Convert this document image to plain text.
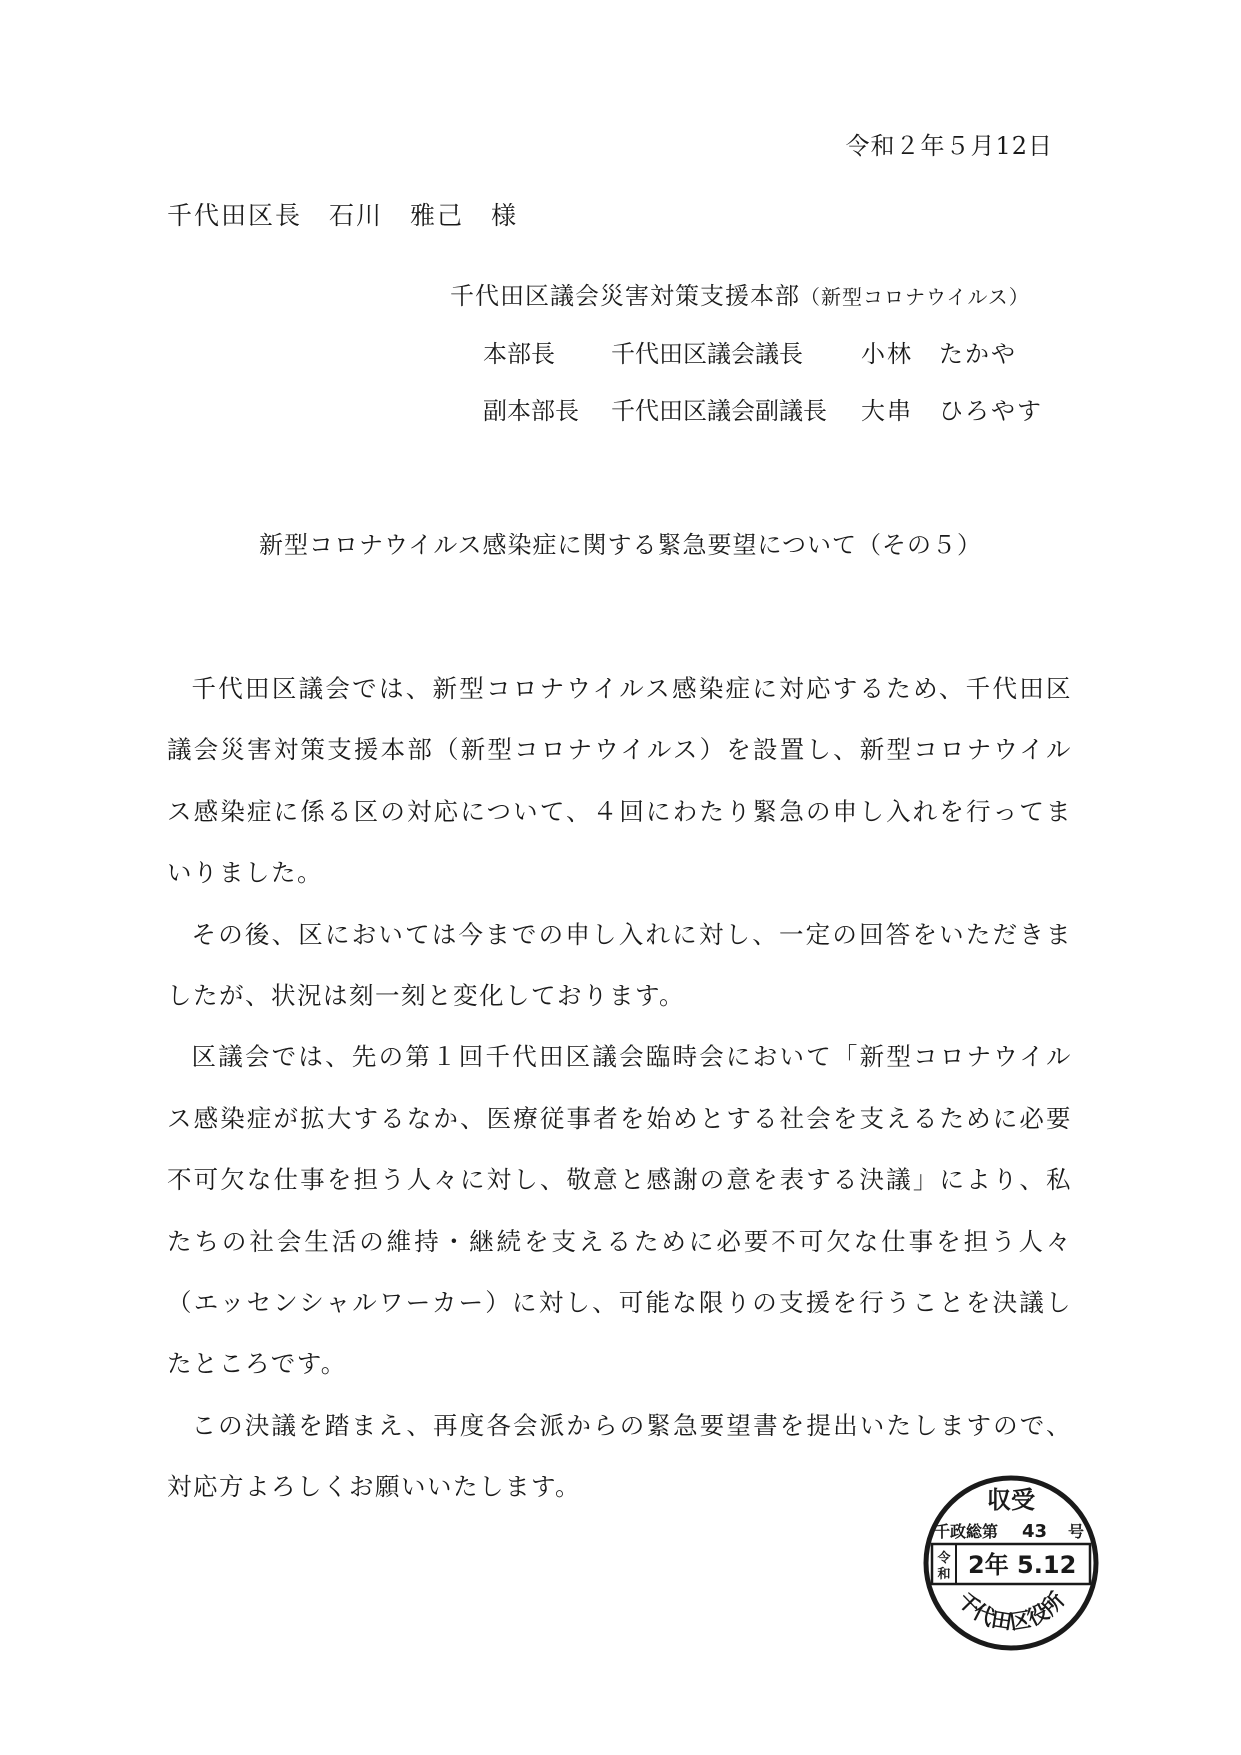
令和２年５月12日
千代田区長　石川　雅己　様
千代田区議会災害対策支援本部（新型コロナウイルス）
本部長	千代田区議会議長	小林　たかや
副本部長	千代田区議会副議長	大串　ひろやす
新型コロナウイルス感染症に関する緊急要望について（その５）

千代田区議会では、新型コロナウイルス感染症に対応するため、千代田区議会災害対策支援本部（新型コロナウイルス）を設置し、新型コロナウイルス感染症に係る区の対応について、４回にわたり緊急の申し入れを行ってまいりました。

その後、区においては今までの申し入れに対し、一定の回答をいただきましたが、状況は刻一刻と変化しております。

区議会では、先の第１回千代田区議会臨時会において「新型コロナウイルス感染症が拡大するなか、医療従事者を始めとする社会を支えるために必要不可欠な仕事を担う人々に対し、敬意と感謝の意を表する決議」により、私たちの社会生活の維持・継続を支えるために必要不可欠な仕事を担う人々（エッセンシャルワーカー）に対し、可能な限りの支援を行うことを決議したところです。

この決議を踏まえ、再度各会派からの緊急要望書を提出いたしますので、対応方よろしくお願いいたします。	収受
千政総第 43 号
令
和 2年 5.12
千代田区役所
